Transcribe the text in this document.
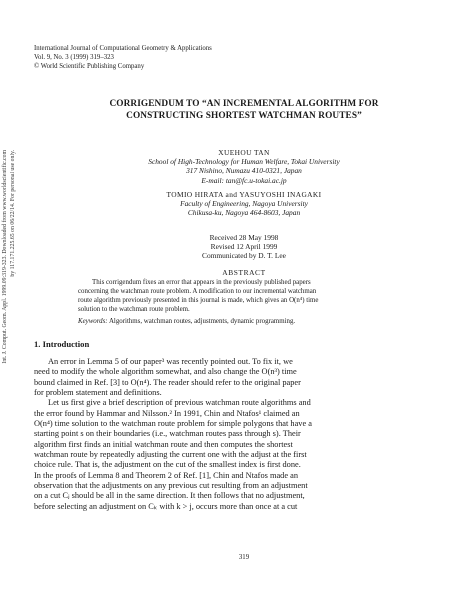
Int. J. Comput. Geom. Appl. 1999.09:319-323. Downloaded from www.worldscientific.com by 117.171.225.65 on 06/22/14. For personal use only.
International Journal of Computational Geometry & Applications
Vol. 9, No. 3 (1999) 319–323
© World Scientific Publishing Company
CORRIGENDUM TO “AN INCREMENTAL ALGORITHM FOR
CONSTRUCTING SHORTEST WATCHMAN ROUTES”
XUEHOU TAN
School of High-Technology for Human Welfare, Tokai University
317 Nishino, Numazu 410-0321, Japan
E-mail: tan@fc.u-tokai.ac.jp
TOMIO HIRATA and YASUYOSHI INAGAKI
Faculty of Engineering, Nagoya University
Chikusa-ku, Nagoya 464-8603, Japan
Received 28 May 1998
Revised 12 April 1999
Communicated by D. T. Lee
ABSTRACT

This corrigendum fixes an error that appears in the previously published papers

concerning the watchman route problem. A modification to our incremental watchman

route algorithm previously presented in this journal is made, which gives an O(n⁴) time

solution to the watchman route problem.

Keywords: Algorithms, watchman routes, adjustments, dynamic programming.
1. Introduction
An error in Lemma 5 of our paper³ was recently pointed out. To fix it, we
need to modify the whole algorithm somewhat, and also change the O(n³) time
bound claimed in Ref. [3] to O(n⁴). The reader should refer to the original paper
for problem statement and definitions.
Let us first give a brief description of previous watchman route algorithms and
the error found by Hammar and Nilsson.² In 1991, Chin and Ntafos¹ claimed an
O(n⁴) time solution to the watchman route problem for simple polygons that have a
starting point s on their boundaries (i.e., watchman routes pass through s). Their
algorithm first finds an initial watchman route and then computes the shortest
watchman route by repeatedly adjusting the current one with the adjust at the first
choice rule. That is, the adjustment on the cut of the smallest index is first done.
In the proofs of Lemma 8 and Theorem 2 of Ref. [1], Chin and Ntafos made an
observation that the adjustments on any previous cut resulting from an adjustment
on a cut Cⱼ should be all in the same direction. It then follows that no adjustment,
before selecting an adjustment on Cₖ with k > j, occurs more than once at a cut
319
